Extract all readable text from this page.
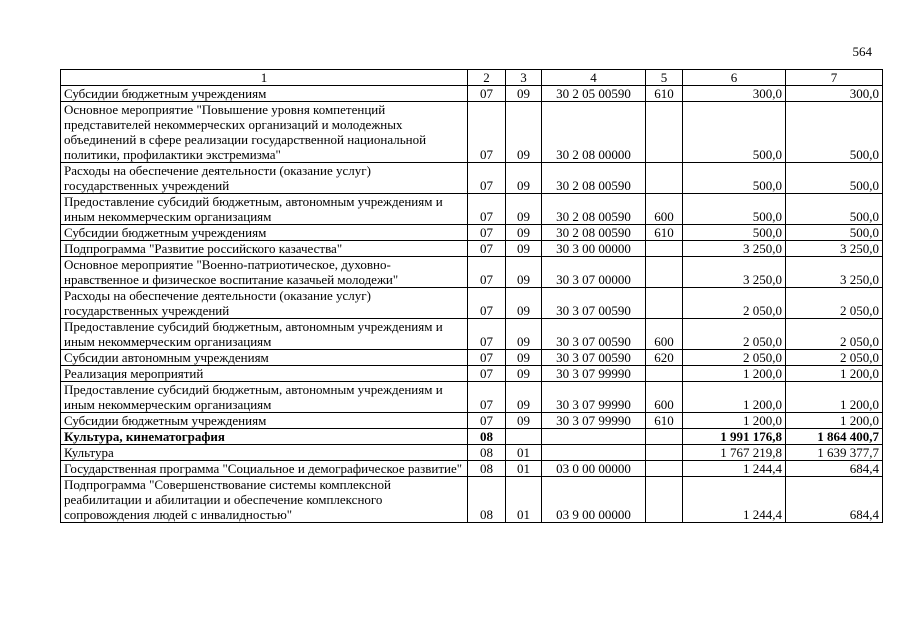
564
1	2	3	4	5	6	7
Субсидии бюджетным учреждениям	07	09	30 2 05 00590	610	300,0	300,0
Основное мероприятие "Повышение уровня компетенций представителей некоммерческих организаций и молодежных объединений в сфере реализации государственной национальной политики, профилактики экстремизма"	07	09	30 2 08 00000		500,0	500,0
Расходы на обеспечение деятельности (оказание услуг) государственных учреждений	07	09	30 2 08 00590		500,0	500,0
Предоставление субсидий бюджетным, автономным учреждениям и иным некоммерческим организациям	07	09	30 2 08 00590	600	500,0	500,0
Субсидии бюджетным учреждениям	07	09	30 2 08 00590	610	500,0	500,0
Подпрограмма "Развитие российского казачества"	07	09	30 3 00 00000		3 250,0	3 250,0
Основное мероприятие "Военно-патриотическое, духовно-нравственное и физическое воспитание казачьей молодежи"	07	09	30 3 07 00000		3 250,0	3 250,0
Расходы на обеспечение деятельности (оказание услуг) государственных учреждений	07	09	30 3 07 00590		2 050,0	2 050,0
Предоставление субсидий бюджетным, автономным учреждениям и иным некоммерческим организациям	07	09	30 3 07 00590	600	2 050,0	2 050,0
Субсидии автономным учреждениям	07	09	30 3 07 00590	620	2 050,0	2 050,0
Реализация мероприятий	07	09	30 3 07 99990		1 200,0	1 200,0
Предоставление субсидий бюджетным, автономным учреждениям и иным некоммерческим организациям	07	09	30 3 07 99990	600	1 200,0	1 200,0
Субсидии бюджетным учреждениям	07	09	30 3 07 99990	610	1 200,0	1 200,0
Культура, кинематография	08				1 991 176,8	1 864 400,7
Культура	08	01			1 767 219,8	1 639 377,7
Государственная программа "Социальное и демографическое развитие"	08	01	03 0 00 00000		1 244,4	684,4
Подпрограмма "Совершенствование системы комплексной реабилитации и абилитации и обеспечение комплексного сопровождения людей с инвалидностью"	08	01	03 9 00 00000		1 244,4	684,4
